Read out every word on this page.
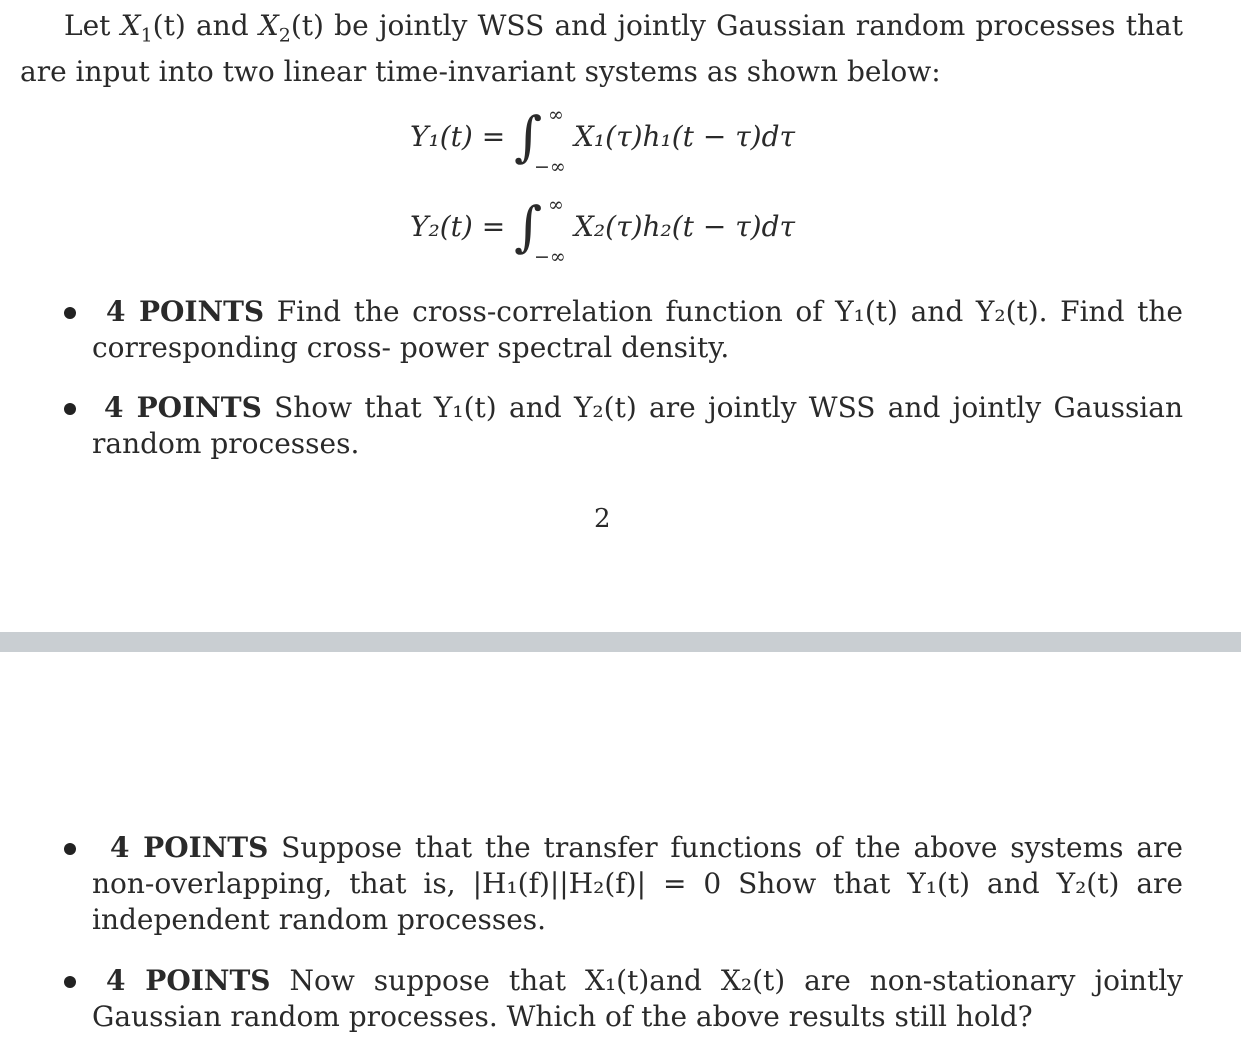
Let $X_1(t)$ and $X_2(t)$ be jointly WSS and jointly Gaussian random processes that are input into two linear time-invariant systems as shown below:
Y₁(t) = ∫ ∞
−∞
X₁(τ)h₁(t − τ)dτ
Y₂(t) = ∫ ∞
−∞
X₂(τ)h₂(t − τ)dτ
4 POINTS Find the cross-correlation function of Y₁(t) and Y₂(t). Find the corresponding cross- power spectral density.
4 POINTS Show that Y₁(t) and Y₂(t) are jointly WSS and jointly Gaussian random processes.
2
4 POINTS Suppose that the transfer functions of the above systems are non-overlapping, that is, |H₁(f)||H₂(f)| = 0 Show that Y₁(t) and Y₂(t) are independent random processes.
4 POINTS Now suppose that X₁(t)and X₂(t) are non-stationary jointly Gaussian random processes. Which of the above results still hold?
